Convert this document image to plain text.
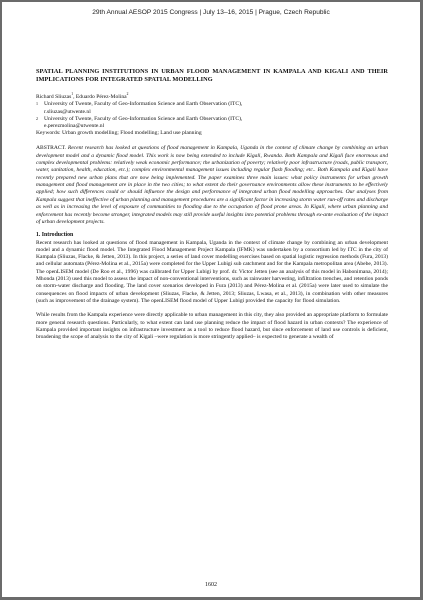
29th Annual AESOP 2015 Congress | July 13–16, 2015 | Prague, Czech Republic
SPATIAL PLANNING INSTITUTIONS IN URBAN FLOOD MANAGEMENT IN KAMPALA AND KIGALI AND THEIR IMPLICATIONS FOR INTEGRATED SPATIAL MODELLING
Richard Sliuzas$^1$, Eduardo Pérez-Molina$^2$
1	University of Twente, Faculty of Geo-Information Science and Earth Observation (ITC),
r.sliuzas@utwente.nl
2	University of Twente, Faculty of Geo-Information Science and Earth Observation (ITC),
e.perezmolina@utwente.nl
Keywords: Urban growth modelling; Flood modelling; Land use planning
ABSTRACT. Recent research has looked at questions of flood management in Kampala, Uganda in the context of climate change by combining an urban development model and a dynamic flood model. This work is now being extended to include Kigali, Rwanda. Both Kampala and Kigali face enormous and complex developmental problems: relatively weak economic performance; the urbanization of poverty; relatively poor infrastructure (roads, public transport, water, sanitation, health, education, etc.); complex environmental management issues including regular flash flooding; etc.. Both Kampala and Kigali have recently prepared new urban plans that are now being implemented. The paper examines three main issues: what policy instruments for urban growth management and flood management are in place in the two cities; to what extent do their governance environments allow these instruments to be effectively applied; how such differences could or should influence the design and performance of integrated urban flood modelling approaches. Our analyses from Kampala suggest that ineffective of urban planning and management procedures are a significant factor in increasing storm water run-off rates and discharge as well as in increasing the level of exposure of communities to flooding due to the occupation of flood prone areas. In Kigali, where urban planning and enforcement has recently become stronger, integrated models may still provide useful insights into potential problems through ex-ante evaluation of the impact of urban development projects.
1. Introduction

Recent research has looked at questions of flood management in Kampala, Uganda in the context of climate change by combining an urban development model and a dynamic flood model. The Integrated Flood Management Project Kampala (IFMK) was undertaken by a consortium led by ITC in the city of Kampala (Sliuzas, Flacke, & Jetten, 2013). In this project, a series of land cover modelling exercises based on spatial logistic regression methods (Fura, 2013) and cellular automata (Pérez-Molina et al., 2015a) were completed for the Upper Lubigi sub catchment and for the Kampala metropolitan area (Abebe, 2013). The openLISEM model (De Roo et al., 1996) was calibrated for Upper Lubigi by prof. dr. Victor Jetten (see an analysis of this model in Habonimana, 2014); Mhonda (2013) used this model to assess the impact of non-conventional interventions, such as rainwater harvesting, infiltration trenches, and retention ponds on storm-water discharge and flooding. The land cover scenarios developed in Fura (2013) and Pérez-Molina et al. (2015a) were later used to simulate the consequences on flood impacts of urban development (Sliuzas, Flacke, & Jetten, 2013; Sliuzas, Lwasa, et al., 2013), in combination with other measures (such as improvement of the drainage system). The openLISEM flood model of Upper Lubigi provided the capacity for flood simulation.

While results from the Kampala experience were directly applicable to urban management in this city, they also provided an appropriate platform to formulate more general research questions. Particularly, to what extent can land use planning reduce the impact of flood hazard in urban contexts? The experience of Kampala provided important insights on infrastructure investment as a tool to reduce flood hazard, but since enforcement of land use controls is deficient, broadening the scope of analysis to the city of Kigali –were regulation is more stringently applied– is expected to generate a wealth of

1602
